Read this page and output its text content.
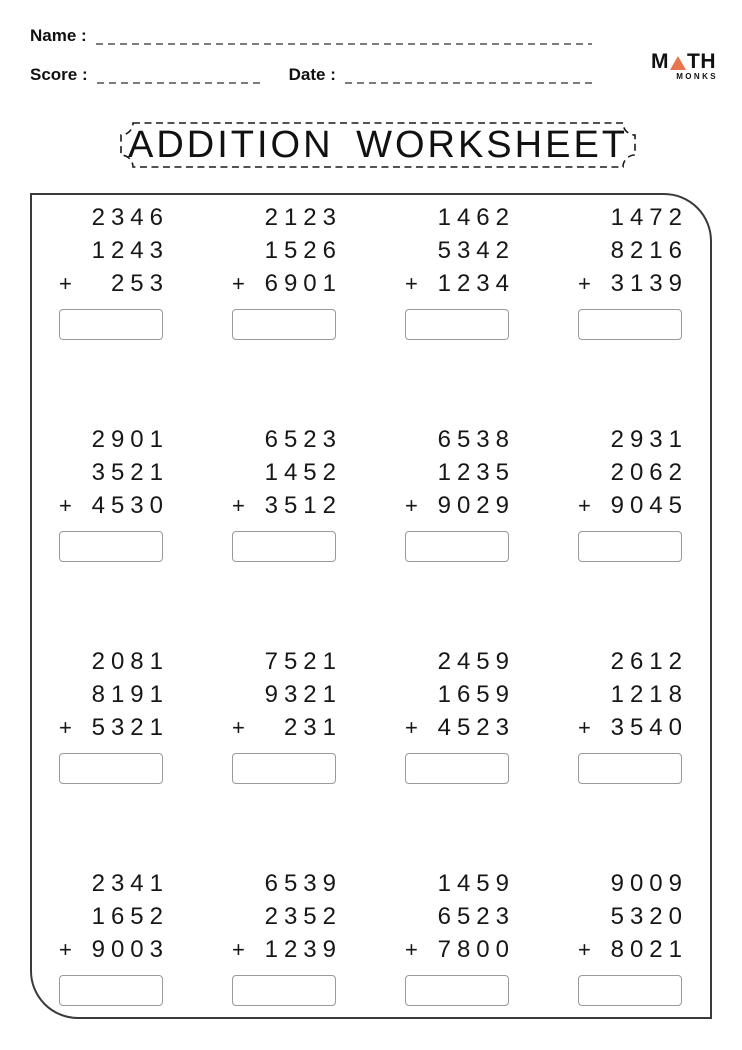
Name :
Score :	Date :
M TH
MONKS
ADDITION WORKSHEET
2346
1243
+	253
2123
1526
+ 6901
1462
5342
+ 1234
1472
8216
+ 3139
2901
3521
+ 4530
6523
1452
+ 3512
6538
1235
+ 9029
2931
2062
+ 9045
2081
8191
+ 5321
7521
9321
+	231
2459
1659
+ 4523
2612
1218
+ 3540
2341
1652
+ 9003
6539
2352
+ 1239
1459
6523
+ 7800
9009
5320
+ 8021
